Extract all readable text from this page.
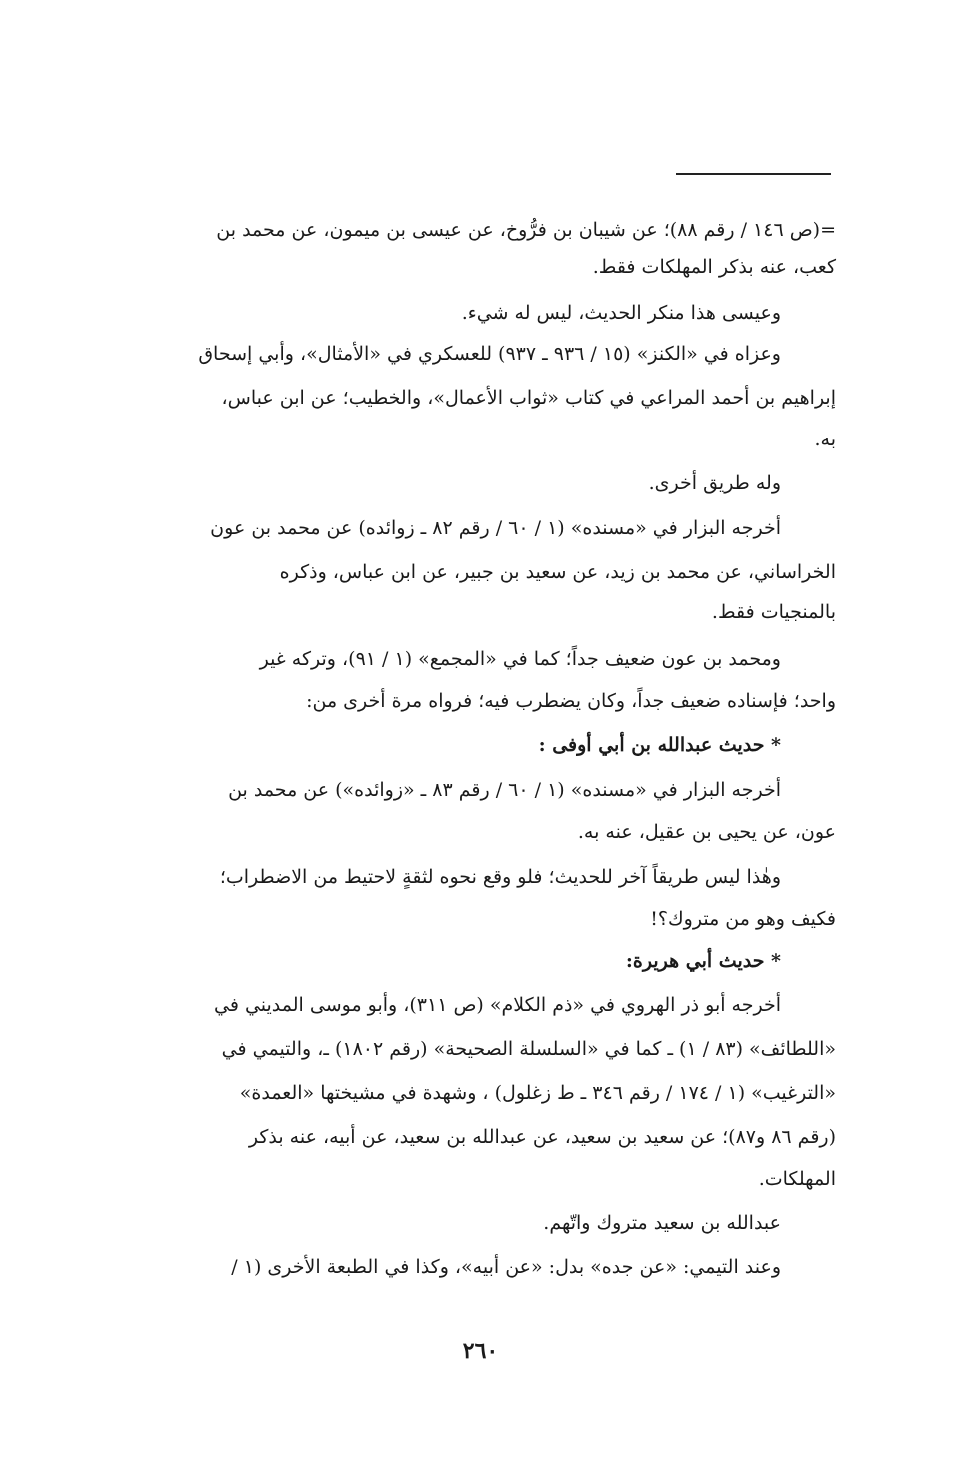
=(ص ١٤٦ / رقم ٨٨)؛ عن شيبان بن فرُّوخ، عن عيسى بن ميمون، عن محمد بن
كعب، عنه بذكر المهلكات فقط.
وعيسى هذا منكر الحديث، ليس له شيء.
وعزاه في «الكنز» (١٥ / ٩٣٦ ـ ٩٣٧) للعسكري في «الأمثال»، وأبي إسحاق
إبراهيم بن أحمد المراعي في كتاب «ثواب الأعمال»، والخطيب؛ عن ابن عباس،
به.
وله طريق أخرى.
أخرجه البزار في «مسنده» (١ / ٦٠ / رقم ٨٢ ـ زوائده) عن محمد بن عون
الخراساني، عن محمد بن زيد، عن سعيد بن جبير، عن ابن عباس، وذكره
بالمنجيات فقط.
ومحمد بن عون ضعيف جداً؛ كما في «المجمع» (١ / ٩١)، وتركه غير
واحد؛ فإسناده ضعيف جداً، وكان يضطرب فيه؛ فرواه مرة أخرى من:
* حديث عبدالله بن أبي أوفى :
أخرجه البزار في «مسنده» (١ / ٦٠ / رقم ٨٣ ـ «زوائده») عن محمد بن
عون، عن يحيى بن عقيل، عنه به.
وهٰذا ليس طريقاً آخر للحديث؛ فلو وقع نحوه لثقةٍ لاحتيط من الاضطراب؛
فكيف وهو من متروك؟!
* حديث أبي هريرة:
أخرجه أبو ذر الهروي في «ذم الكلام» (ص ٣١١)، وأبو موسى المديني في
«اللطائف» (٨٣ / ١) ـ كما في «السلسلة الصحيحة» (رقم ١٨٠٢) ـ، والتيمي في
«الترغيب» (١ / ١٧٤ / رقم ٣٤٦ ـ ط زغلول) ، وشهدة في مشيختها «العمدة»
(رقم ٨٦ و٨٧)؛ عن سعيد بن سعيد، عن عبدالله بن سعيد، عن أبيه، عنه بذكر
المهلكات.
عبدالله بن سعيد متروك واتّهم.
وعند التيمي: «عن جده» بدل: «عن أبيه»، وكذا في الطبعة الأخرى (١ /
٢٦٠
